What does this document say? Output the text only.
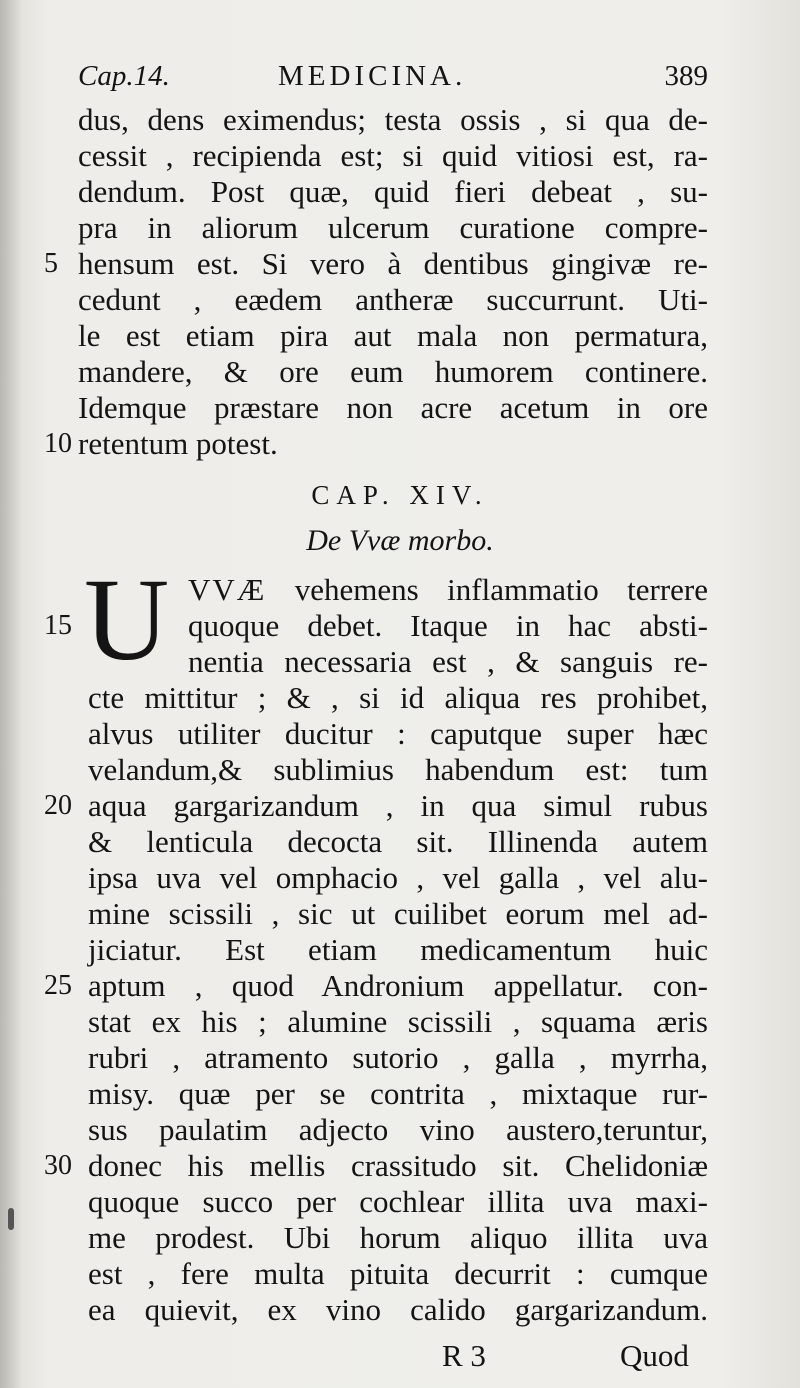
Cap.14.	MEDICINA.	389
dus, dens eximendus; testa ossis , si qua de-
cessit , recipienda est; si quid vitiosi est, ra-
dendum. Post quæ, quid fieri debeat , su-
pra in aliorum ulcerum curatione compre-
5 hensum est. Si vero à dentibus gingivæ re-
cedunt , eædem antheræ succurrunt. Uti-
le est etiam pira aut mala non permatura,
mandere, & ore eum humorem continere.
Idemque præstare non acre acetum in ore
10 retentum potest.
CAP. XIV.
De Vvæ morbo.
U VVÆ vehemens inflammatio terrere
15	quoque debet. Itaque in hac absti-
nentia necessaria est , & sanguis re-
cte mittitur ; & , si id aliqua res prohibet,
alvus utiliter ducitur : caputque super hæc
velandum,& sublimius habendum est: tum
20 aqua gargarizandum , in qua simul rubus
& lenticula decocta sit. Illinenda autem
ipsa uva vel omphacio , vel galla , vel alu-
mine scissili , sic ut cuilibet eorum mel ad-
jiciatur. Est etiam medicamentum huic
25 aptum , quod Andronium appellatur. con-
stat ex his ; alumine scissili , squama æris
rubri , atramento sutorio , galla , myrrha,
misy. quæ per se contrita , mixtaque rur-
sus paulatim adjecto vino austero,teruntur,
30 donec his mellis crassitudo sit. Chelidoniæ
quoque succo per cochlear illita uva maxi-
me prodest. Ubi horum aliquo illita uva
est , fere multa pituita decurrit : cumque
ea quievit, ex vino calido gargarizandum.
R 3	Quod
